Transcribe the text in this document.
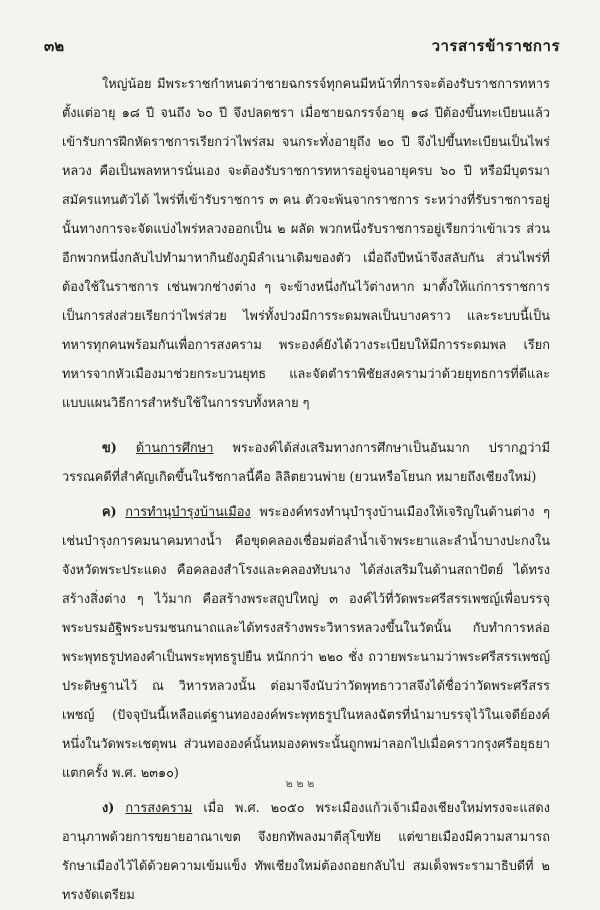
๓๒	วารสารข้าราชการ

ใหญ่น้อย มีพระราชกำหนดว่าชายฉกรรจ์ทุกคนมีหน้าที่การจะต้องรับราชการทหารตั้งแต่อายุ ๑๘ ปี จนถึง ๖๐ ปี จึงปลดชรา เมื่อชายฉกรรจ์อายุ ๑๘ ปีต้องขึ้นทะเบียนแล้วเข้ารับการฝึกหัดราชการเรียกว่าไพร่สม จนกระทั่งอายุถึง ๒๐ ปี จึงไปขึ้นทะเบียนเป็นไพร่หลวง คือเป็นพลทหารนั่นเอง จะต้องรับราชการทหารอยู่จนอายุครบ ๖๐ ปี หรือมีบุตรมาสมัครแทนตัวได้ ไพร่ที่เข้ารับราชการ ๓ คน ตัวจะพ้นจากราชการ ระหว่างที่รับราชการอยู่นั้นทางการจะจัดแบ่งไพร่หลวงออกเป็น ๒ ผลัด พวกหนึ่งรับราชการอยู่เรียกว่าเข้าเวร ส่วนอีกพวกหนึ่งกลับไปทำมาหากินยังภูมิลำเนาเดิมของตัว เมื่อถึงปีหน้าจึงสลับกัน ส่วนไพร่ที่ต้องใช้ในราชการ เช่นพวกช่างต่าง ๆ จะข้างหนึ่งกันไว้ต่างหาก มาตั้งให้แก่การราชการเป็นการส่งส่วยเรียกว่าไพร่ส่วย ไพร่ทั้งปวงมีการระดมพลเป็นบางคราว และระบบนี้เป็นทหารทุกคนพร้อมกันเพื่อการสงคราม พระองค์ยังได้วางระเบียบให้มีการระดมพล เรียกทหารจากหัวเมืองมาช่วยกระบวนยุทธ และจัดตำราพิชัยสงครามว่าด้วยยุทธการที่ดีและแบบแผนวิธีการสำหรับใช้ในการรบทั้งหลาย ๆ

ข) ด้านการศึกษา พระองค์ได้ส่งเสริมทางการศึกษาเป็นอันมาก ปรากฏว่ามีวรรณคดีที่สำคัญเกิดขึ้นในรัชกาลนี้คือ ลิลิตยวนพ่าย (ยวนหรือโยนก หมายถึงเชียงใหม่)

ค) การทำนุบำรุงบ้านเมือง พระองค์ทรงทำนุบำรุงบ้านเมืองให้เจริญในด้านต่าง ๆ เช่นบำรุงการคมนาคมทางน้ำ คือขุดคลองเชื่อมต่อลำน้ำเจ้าพระยาและลำน้ำบางปะกงในจังหวัดพระประแดง คือคลองสำโรงและคลองทับนาง ได้ส่งเสริมในด้านสถาปัตย์ ได้ทรงสร้างสิ่งต่าง ๆ ไว้มาก คือสร้างพระสถูปใหญ่ ๓ องค์ไว้ที่วัดพระศรีสรรเพชญ์เพื่อบรรจุพระบรมอัฐิพระบรมชนกนาถและได้ทรงสร้างพระวิหารหลวงขึ้นในวัดนั้น กับทำการหล่อพระพุทธรูปทองคำเป็นพระพุทธรูปยืน หนักกว่า ๒๒๐ ชั่ง ถวายพระนามว่าพระศรีสรรเพชญ์ประดิษฐานไว้ ณ วิหารหลวงนั้น ต่อมาจึงนับว่าวัดพุทธาวาสจึงได้ชื่อว่าวัดพระศรีสรรเพชญ์ (ปัจจุบันนี้เหลือแต่ฐานทององค์พระพุทธรูปในหลงฉัตรที่นำมาบรรจุไว้ในเจดีย์องค์หนึ่งในวัดพระเชตุพน ส่วนทององค์นั้นหมองคพระนั้นถูกพม่าลอกไปเมื่อคราวกรุงศรีอยุธยาแตกครั้ง พ.ศ. ๒๓๑๐)

ง) การสงคราม เมื่อ พ.ศ. ๒๐๕๐ พระเมืองแก้วเจ้าเมืองเชียงใหม่ทรงจะแสดงอานุภาพด้วยการขยายอาณาเขต จึงยกทัพลงมาตีสุโขทัย แต่ขายเมืองมีความสามารถรักษาเมืองไว้ได้ด้วยความเข้มแข็ง ทัพเชียงใหม่ต้องถอยกลับไป สมเด็จพระรามาธิบดีที่ ๒ ทรงจัดเตรียม

๒ ๒ ๒
